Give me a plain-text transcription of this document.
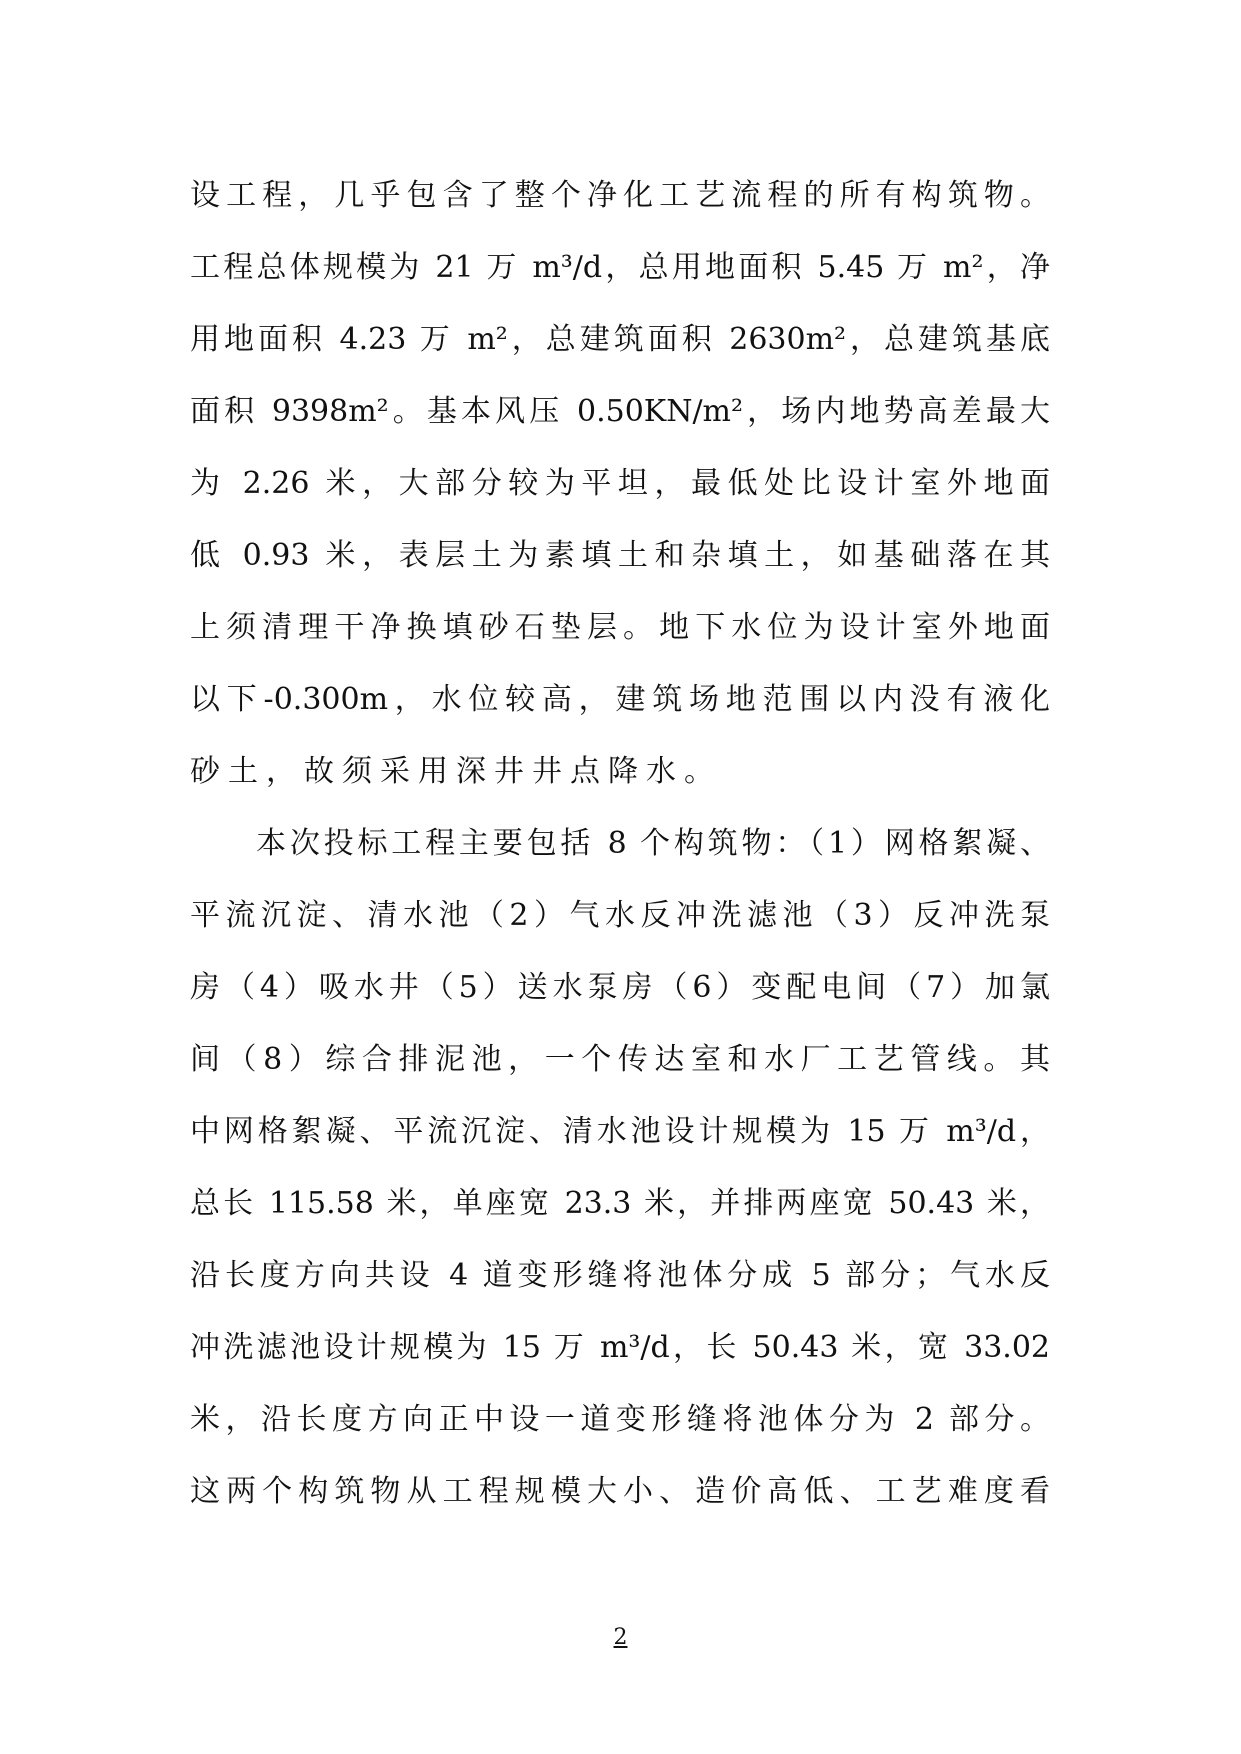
设工程，几乎包含了整个净化工艺流程的所有构筑物。
工程总体规模为 21 万 m³/d，总用地面积 5.45 万 m²，净
用地面积 4.23 万 m²，总建筑面积 2630m²，总建筑基底
面积 9398m²。基本风压 0.50KN/m²，场内地势高差最大
为 2.26 米，大部分较为平坦，最低处比设计室外地面
低 0.93 米，表层土为素填土和杂填土，如基础落在其
上须清理干净换填砂石垫层。地下水位为设计室外地面
以下-0.300m，水位较高，建筑场地范围以内没有液化
砂土，故须采用深井井点降水。
本次投标工程主要包括 8 个构筑物：（1）网格絮凝、
平流沉淀、清水池（2）气水反冲洗滤池（3）反冲洗泵
房（4）吸水井（5）送水泵房（6）变配电间（7）加氯
间（8）综合排泥池，一个传达室和水厂工艺管线。其
中网格絮凝、平流沉淀、清水池设计规模为 15 万 m³/d，
总长 115.58 米，单座宽 23.3 米，并排两座宽 50.43 米，
沿长度方向共设 4 道变形缝将池体分成 5 部分；气水反
冲洗滤池设计规模为 15 万 m³/d，长 50.43 米，宽 33.02
米，沿长度方向正中设一道变形缝将池体分为 2 部分。
这两个构筑物从工程规模大小、造价高低、工艺难度看
2
